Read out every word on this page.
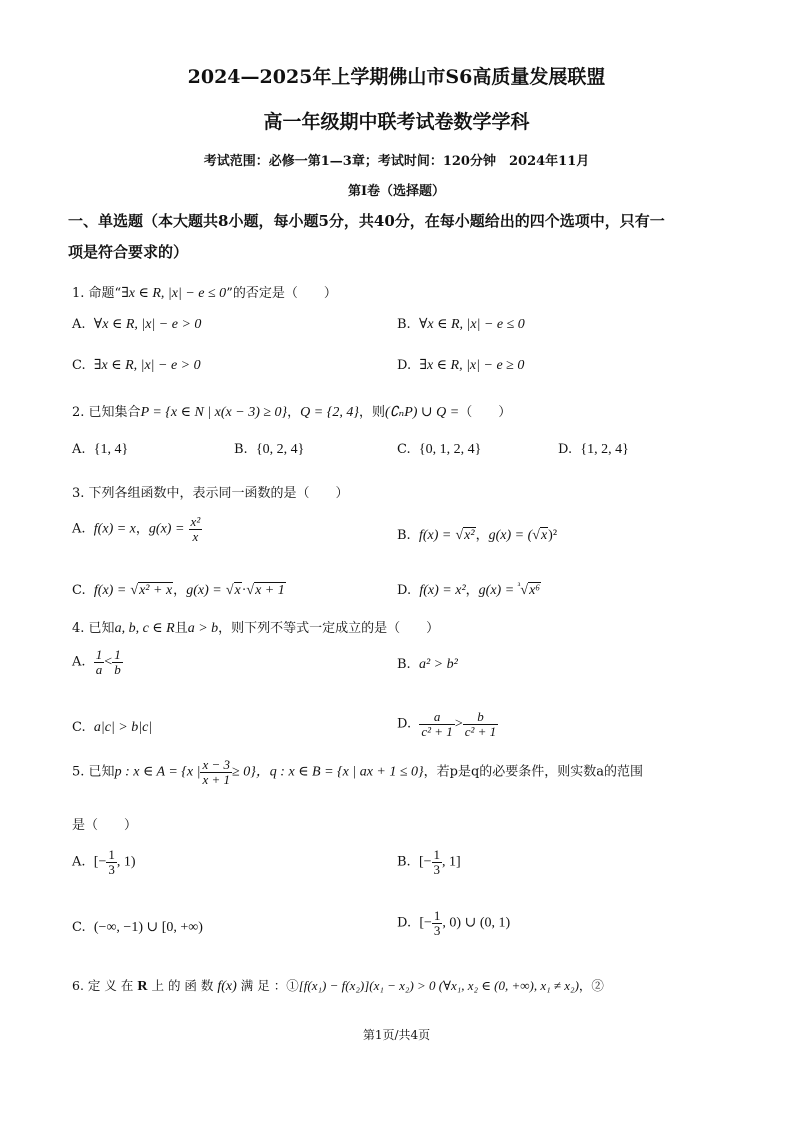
2024—2025年上学期佛山市S6高质量发展联盟
高一年级期中联考试卷数学学科
考试范围：必修一第1—3章；考试时间：120分钟　2024年11月
第I卷（选择题）
一、单选题（本大题共8小题，每小题5分，共40分，在每小题给出的四个选项中，只有一
项是符合要求的）
1. 命题“∃x ∈ R, |x| − e ≤ 0”的否定是（　　）
A. ∀x ∈ R, |x| − e > 0	B. ∀x ∈ R, |x| − e ≤ 0
C. ∃x ∈ R, |x| − e > 0	D. ∃x ∈ R, |x| − e ≥ 0
2. 已知集合P = {x ∈ N | x(x − 3) ≥ 0}，Q = {2, 4}，则(∁ₙP) ∪ Q =（　　）
A. {1, 4}	B. {0, 2, 4}	C. {0, 1, 2, 4}	D. {1, 2, 4}
3. 下列各组函数中，表示同一函数的是（　　）
A. f(x) = x，$g(x) = \frac{\text{x²}}{x}$	B. f(x) = √x²，g(x) = (√x)²
C. f(x) = √x² + x，g(x) = √x·√x + 1	D. f(x) = x²，g(x) = $^{^3}$√x⁶
4. 已知a, b, c ∈ R且a > b，则下列不等式一定成立的是（　　）
A. $\frac{1}{a} < \frac{1}{b}$	B. a² > b²
C. a|c| > b|c|	D. $\frac{a}{\text{c² + 1}} > \frac{b}{\text{c² + 1}}$
5. 已知p : x ∈ A = {x | $\frac{x - 3}{x + 1} \ge 0$}，q : x ∈ B = {x | ax + 1 ≤ 0}，若p是q的必要条件，则实数a的范围
是（　　）
A. [− $\frac{1}{3}$ , 1)	B. [− $\frac{1}{3}$ , 1]
C. (−∞, −1) ∪ [0, +∞)	D. [− $\frac{1}{3}$ , 0) ∪ (0, 1)
6. 定 义 在 R 上 的 函 数 f(x) 满 足 ：①[f(x₁) − f(x₂)](x₁ − x₂) > 0 (∀x₁, x₂ ∈ (0, +∞), x₁ ≠ x₂)，②
第1页/共4页
